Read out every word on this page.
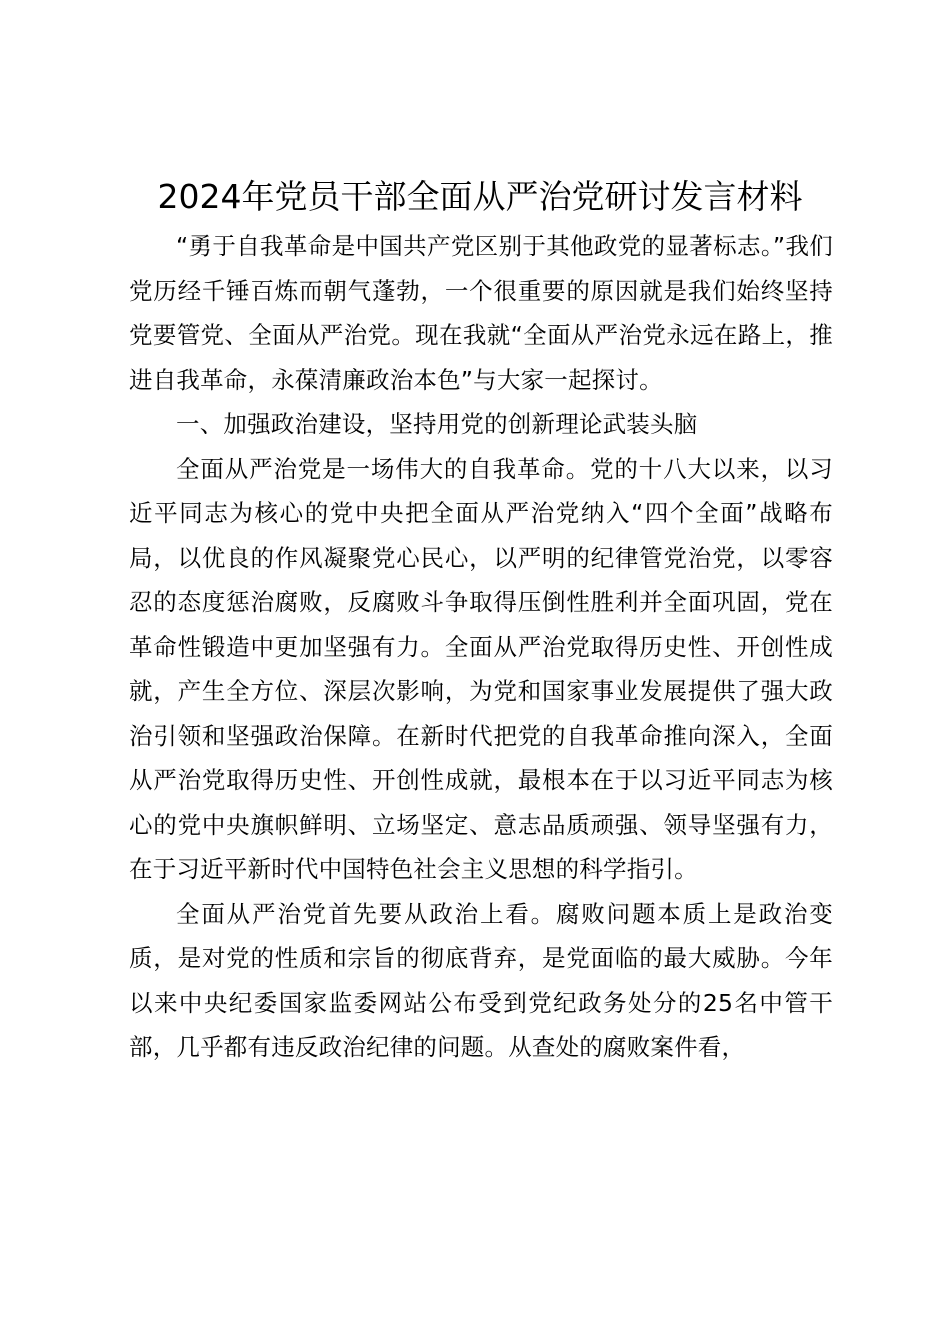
2024年党员干部全面从严治党研讨发言材料

“勇于自我革命是中国共产党区别于其他政党的显著标志。”我们党历经千锤百炼而朝气蓬勃，一个很重要的原因就是我们始终坚持党要管党、全面从严治党。现在我就“全面从严治党永远在路上，推进自我革命，永葆清廉政治本色”与大家一起探讨。

一、加强政治建设，坚持用党的创新理论武装头脑

全面从严治党是一场伟大的自我革命。党的十八大以来，以习近平同志为核心的党中央把全面从严治党纳入“四个全面”战略布局，以优良的作风凝聚党心民心，以严明的纪律管党治党，以零容忍的态度惩治腐败，反腐败斗争取得压倒性胜利并全面巩固，党在革命性锻造中更加坚强有力。全面从严治党取得历史性、开创性成就，产生全方位、深层次影响，为党和国家事业发展提供了强大政治引领和坚强政治保障。在新时代把党的自我革命推向深入，全面从严治党取得历史性、开创性成就，最根本在于以习近平同志为核心的党中央旗帜鲜明、立场坚定、意志品质顽强、领导坚强有力，在于习近平新时代中国特色社会主义思想的科学指引。

全面从严治党首先要从政治上看。腐败问题本质上是政治变质，是对党的性质和宗旨的彻底背弃，是党面临的最大威胁。今年以来中央纪委国家监委网站公布受到党纪政务处分的25名中管干部，几乎都有违反政治纪律的问题。从查处的腐败案件看，
